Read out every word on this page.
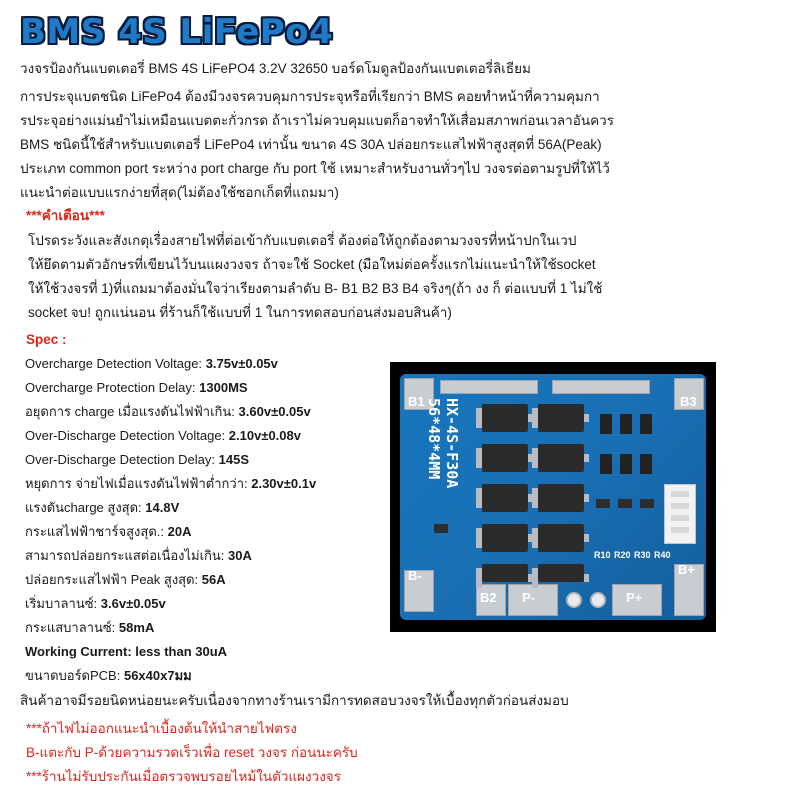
BMS 4S LiFePo4
วงจรป้องกันแบตเตอรี่ BMS 4S LiFePO4 3.2V 32650 บอร์ดโมดูลป้องกันแบตเตอรี่ลิเธียม
การประจุแบตชนิด LiFePo4 ต้องมีวงจรควบคุมการประจุหรือที่เรียกว่า BMS คอยทำหน้าที่ความคุมกา
รประจุอย่างแม่นยำไม่เหมือนแบตตะกั่วกรด ถ้าเราไม่ควบคุมแบตก็อาจทำให้เสื่อมสภาพก่อนเวลาอันควร
BMS ชนิดนี้ใช้สำหรับแบตเตอรี่ LiFePo4 เท่านั้น ขนาด 4S 30A ปล่อยกระแสไฟฟ้าสูงสุดที่ 56A(Peak)
ประเภท common port ระหว่าง port charge กับ port ใช้ เหมาะสำหรับงานทั่วๆไป วงจรต่อตามรูปที่ให้ไว้
แนะนำต่อแบบแรกง่ายที่สุด(ไม่ต้องใช้ซอกเก็ตที่แถมมา)
***คำเตือน***
โปรดระวังและสังเกตุเรื่องสายไฟที่ต่อเข้ากับแบตเตอรี่ ต้องต่อให้ถูกต้องตามวงจรที่หน้าปกในเวป
ให้ยึดตามตัวอักษรที่เขียนไว้บนแผงวงจร ถ้าจะใช้ Socket (มือใหม่ต่อครั้งแรกไม่แนะนำให้ใช้socket
ให้ใช้วงจรที่ 1)ที่แถมมาต้องมั่นใจว่าเรียงตามลำดับ B- B1 B2 B3 B4 จริงๆ(ถ้า งง ก็ ต่อแบบที่ 1 ไม่ใช้
socket จบ! ถูกแน่นอน ที่ร้านก็ใช้แบบที่ 1 ในการทดสอบก่อนส่งมอบสินค้า)
Spec :
Overcharge Detection Voltage: 3.75v±0.05v
Overcharge Protection Delay: 1300MS
อยุดการ charge เมื่อแรงดันไฟฟ้าเกิน: 3.60v±0.05v
Over-Discharge Detection Voltage: 2.10v±0.08v
Over-Discharge Detection Delay: 145S
หยุดการ จ่ายไฟเมื่อแรงดันไฟฟ้าต่ำกว่า: 2.30v±0.1v
แรงดันcharge สูงสุด: 14.8V
กระแสไฟฟ้าชาร์จสูงสุด.: 20A
สามารถปล่อยกระแสต่อเนื่องไม่เกิน: 30A
ปล่อยกระแสไฟฟ้า Peak สูงสุด: 56A
เริ่มบาลานซ์: 3.6v±0.05v
กระแสบาลานซ์: 58mA
Working Current: less than 30uA
ขนาดบอร์ดPCB: 56x40x7มม
สินค้าอาจมีรอยนิดหน่อยนะครับเนื่องจากทางร้านเรามีการทดสอบวงจรให้เบื้องทุกตัวก่อนส่งมอบ
***ถ้าไฟไม่ออกแนะนำเบื้องต้นให้นำสายไฟตรง
B-แตะกับ P-ด้วยความรวดเร็วเพื่อ reset วงจร ก่อนนะครับ
***ร้านไม่รับประกันเมื่อตรวจพบรอยไหม้ในตัวแผงวงจร
B1	B3
B-
B2 P-	P+
B+
HX-4S-F30A
56*48*4MM
R10 R20 R30 R40
